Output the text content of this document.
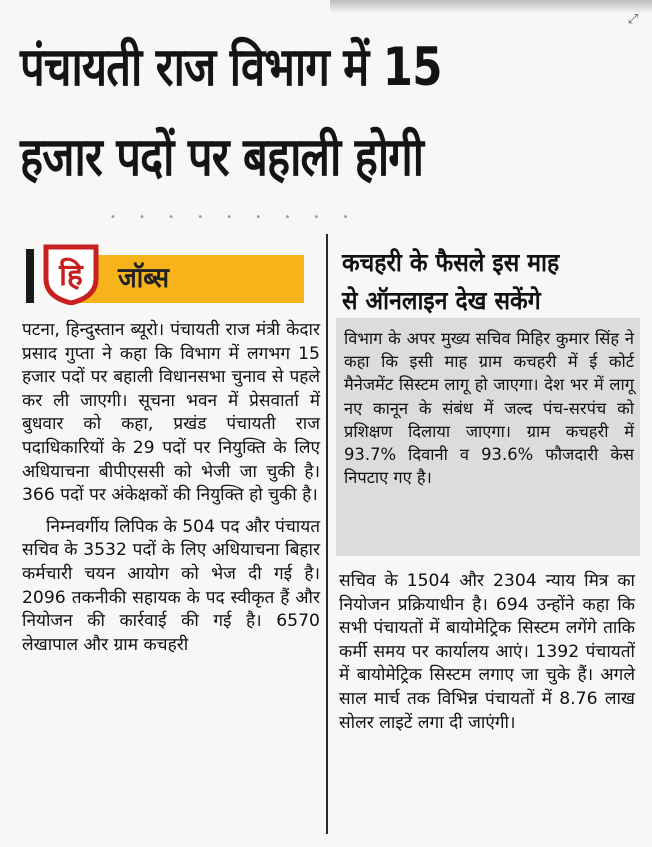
⤢
पंचायती राज विभाग में 15
हजार पदों पर बहाली होगी
• • • • • • • • •
हि जॉब्स

पटना, हिन्दुस्तान ब्यूरो। पंचायती राज मंत्री केदार प्रसाद गुप्ता ने कहा कि विभाग में लगभग 15 हजार पदों पर बहाली विधानसभा चुनाव से पहले कर ली जाएगी। सूचना भवन में प्रेसवार्ता में बुधवार को कहा, प्रखंड पंचायती राज पदाधिकारियों के 29 पदों पर नियुक्ति के लिए अधियाचना बीपीएससी को भेजी जा चुकी है। 366 पदों पर अंकेक्षकों की नियुक्ति हो चुकी है।

निम्नवर्गीय लिपिक के 504 पद और पंचायत सचिव के 3532 पदों के लिए अधियाचना बिहार कर्मचारी चयन आयोग को भेज दी गई है। 2096 तकनीकी सहायक के पद स्वीकृत हैं और नियोजन की कार्रवाई की गई है। 6570 लेखापाल और ग्राम कचहरी

कचहरी के फैसले इस माह
से ऑनलाइन देख सकेंगे
विभाग के अपर मुख्य सचिव मिहिर कुमार सिंह ने कहा कि इसी माह ग्राम कचहरी में ई कोर्ट मैनेजमेंट सिस्टम लागू हो जाएगा। देश भर में लागू नए कानून के संबंध में जल्द पंच-सरपंच को प्रशिक्षण दिलाया जाएगा। ग्राम कचहरी में 93.7% दिवानी व 93.6% फौजदारी केस निपटाए गए है।

सचिव के 1504 और 2304 न्याय मित्र का नियोजन प्रक्रियाधीन है। 694 उन्होंने कहा कि सभी पंचायतों में बायोमेट्रिक सिस्टम लगेंगे ताकि कर्मी समय पर कार्यालय आएं। 1392 पंचायतों में बायोमेट्रिक सिस्टम लगाए जा चुके हैं। अगले साल मार्च तक विभिन्न पंचायतों में 8.76 लाख सोलर लाइटें लगा दी जाएंगी।
